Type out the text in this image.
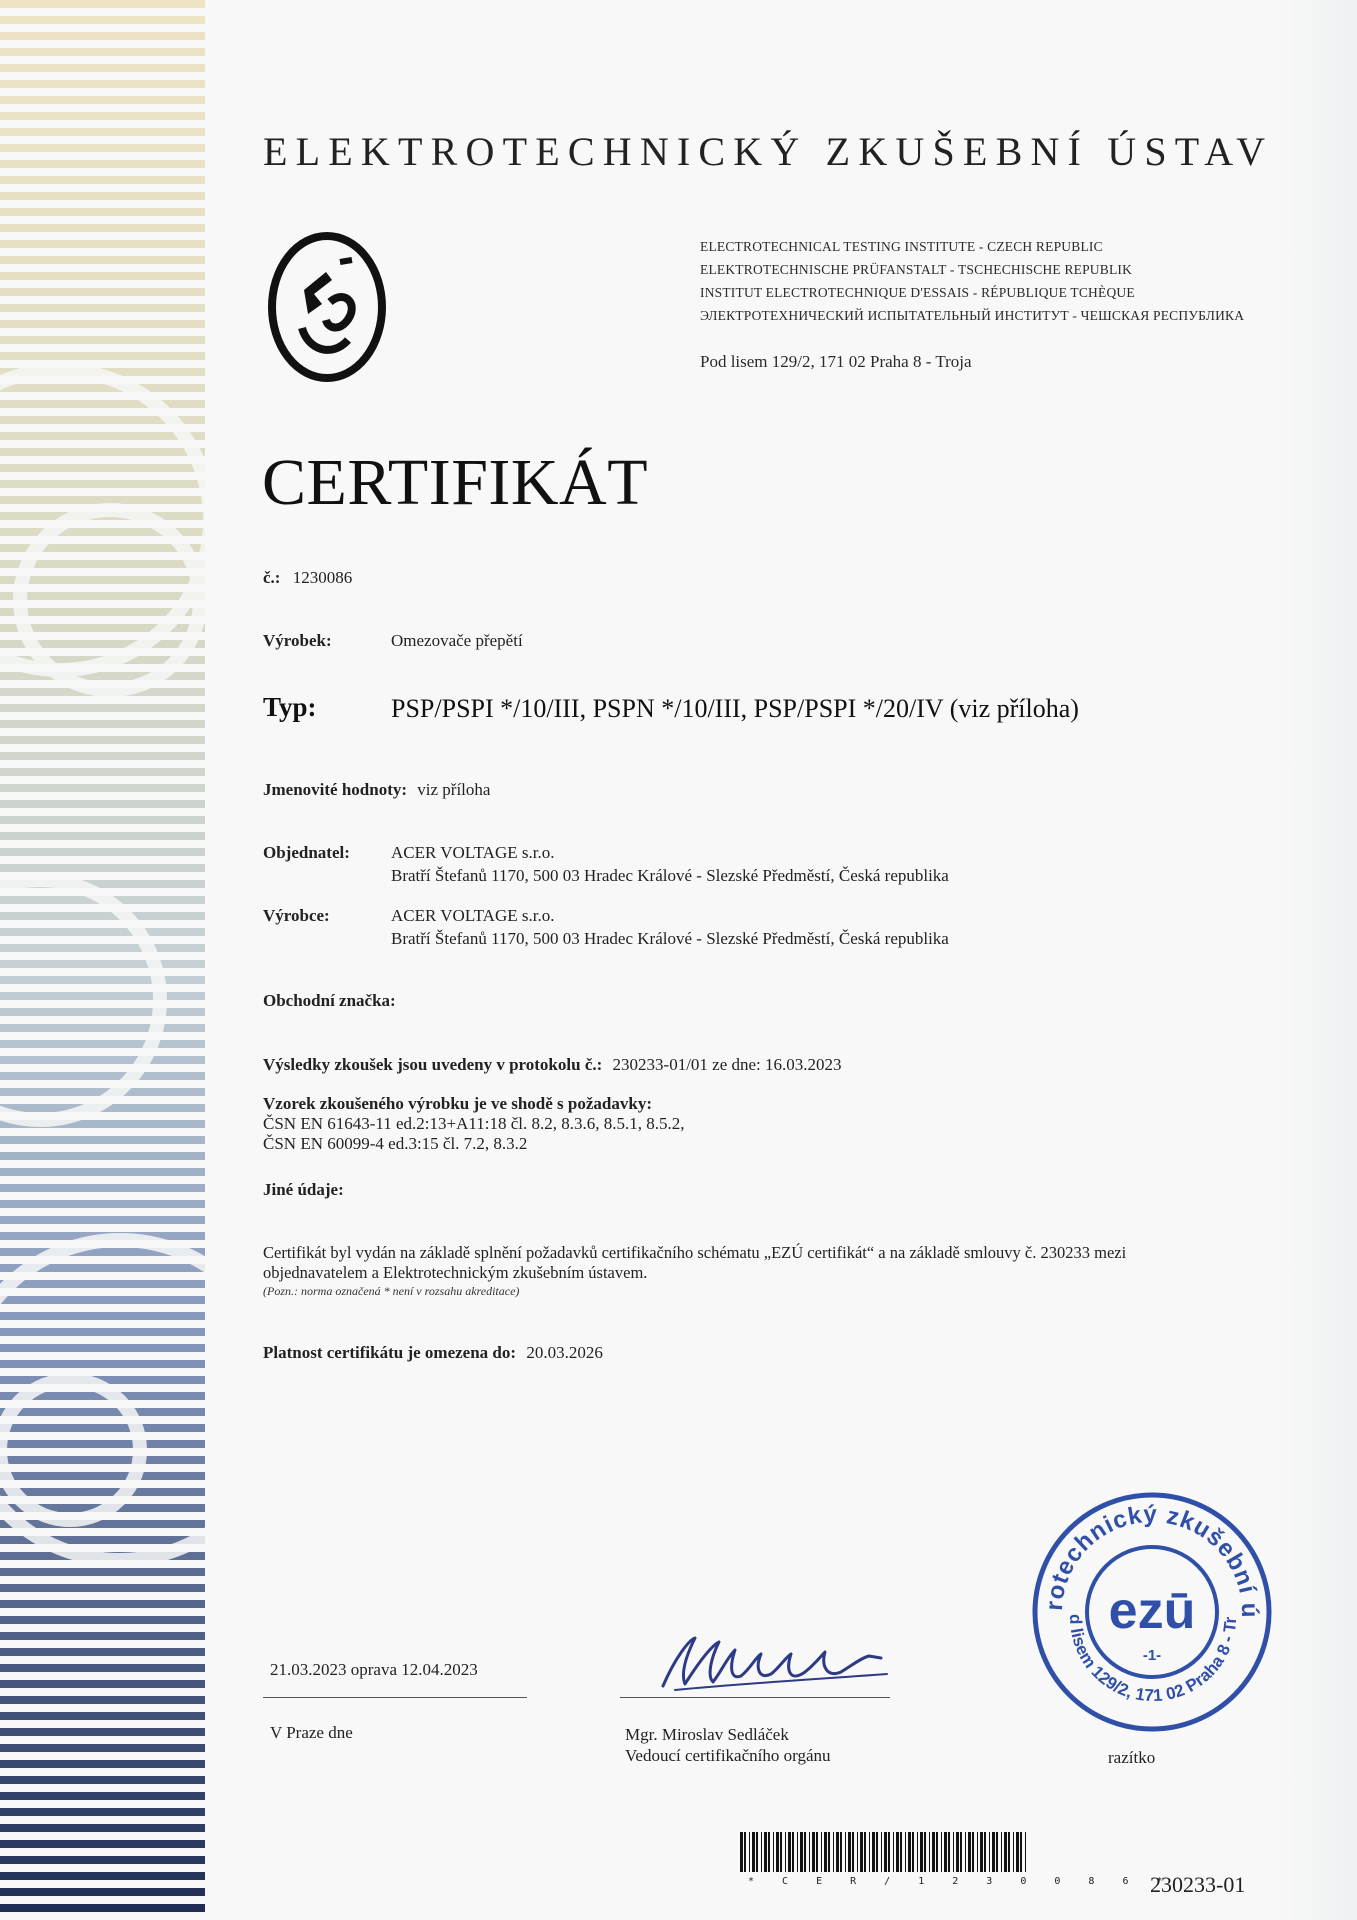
ELEKTROTECHNICKÝ ZKUŠEBNÍ ÚSTAV
ELECTROTECHNICAL TESTING INSTITUTE - CZECH REPUBLIC
ELEKTROTECHNISCHE PRÜFANSTALT - TSCHECHISCHE REPUBLIK
INSTITUT ELECTROTECHNIQUE D'ESSAIS - RÉPUBLIQUE TCHÈQUE
ЭЛЕКТРОТЕХНИЧЕСКИЙ ИСПЫТАТЕЛЬНЫЙ ИНСТИТУТ - ЧЕШСКАЯ РЕСПУБЛИКА
Pod lisem 129/2, 171 02 Praha 8 - Troja
CERTIFIKÁT
č.: 1230086
Výrobek:	Omezovače přepětí
Typ:	PSP/PSPI */10/III, PSPN */10/III, PSP/PSPI */20/IV (viz příloha)
Jmenovité hodnoty: viz příloha
Objednatel: ACER VOLTAGE s.r.o.
Bratří Štefanů 1170, 500 03 Hradec Králové - Slezské Předměstí, Česká republika
Výrobce:	ACER VOLTAGE s.r.o.
Bratří Štefanů 1170, 500 03 Hradec Králové - Slezské Předměstí, Česká republika
Obchodní značka:
Výsledky zkoušek jsou uvedeny v protokolu č.: 230233-01/01 ze dne: 16.03.2023
Vzorek zkoušeného výrobku je ve shodě s požadavky:
ČSN EN 61643-11 ed.2:13+A11:18 čl. 8.2, 8.3.6, 8.5.1, 8.5.2,
ČSN EN 60099-4 ed.3:15 čl. 7.2, 8.3.2
Jiné údaje:
Certifikát byl vydán na základě splnění požadavků certifikačního schématu „EZÚ certifikát“ a na základě smlouvy č. 230233 mezi
objednavatelem a Elektrotechnickým zkušebním ústavem.
(Pozn.: norma označená * není v rozsahu akreditace)
Platnost certifikátu je omezena do: 20.03.2026
21.03.2023 oprava 12.04.2023
V Praze dne	Mgr. Miroslav Sedláček
Vedoucí certifikačního orgánu
rotechnický zkušební ú
d lisem 129/2, 171 02 Praha 8 - Tr
ezū
-1-
razítko
* C E R / 1 2 3 0 0 8 6 *
230233-01
